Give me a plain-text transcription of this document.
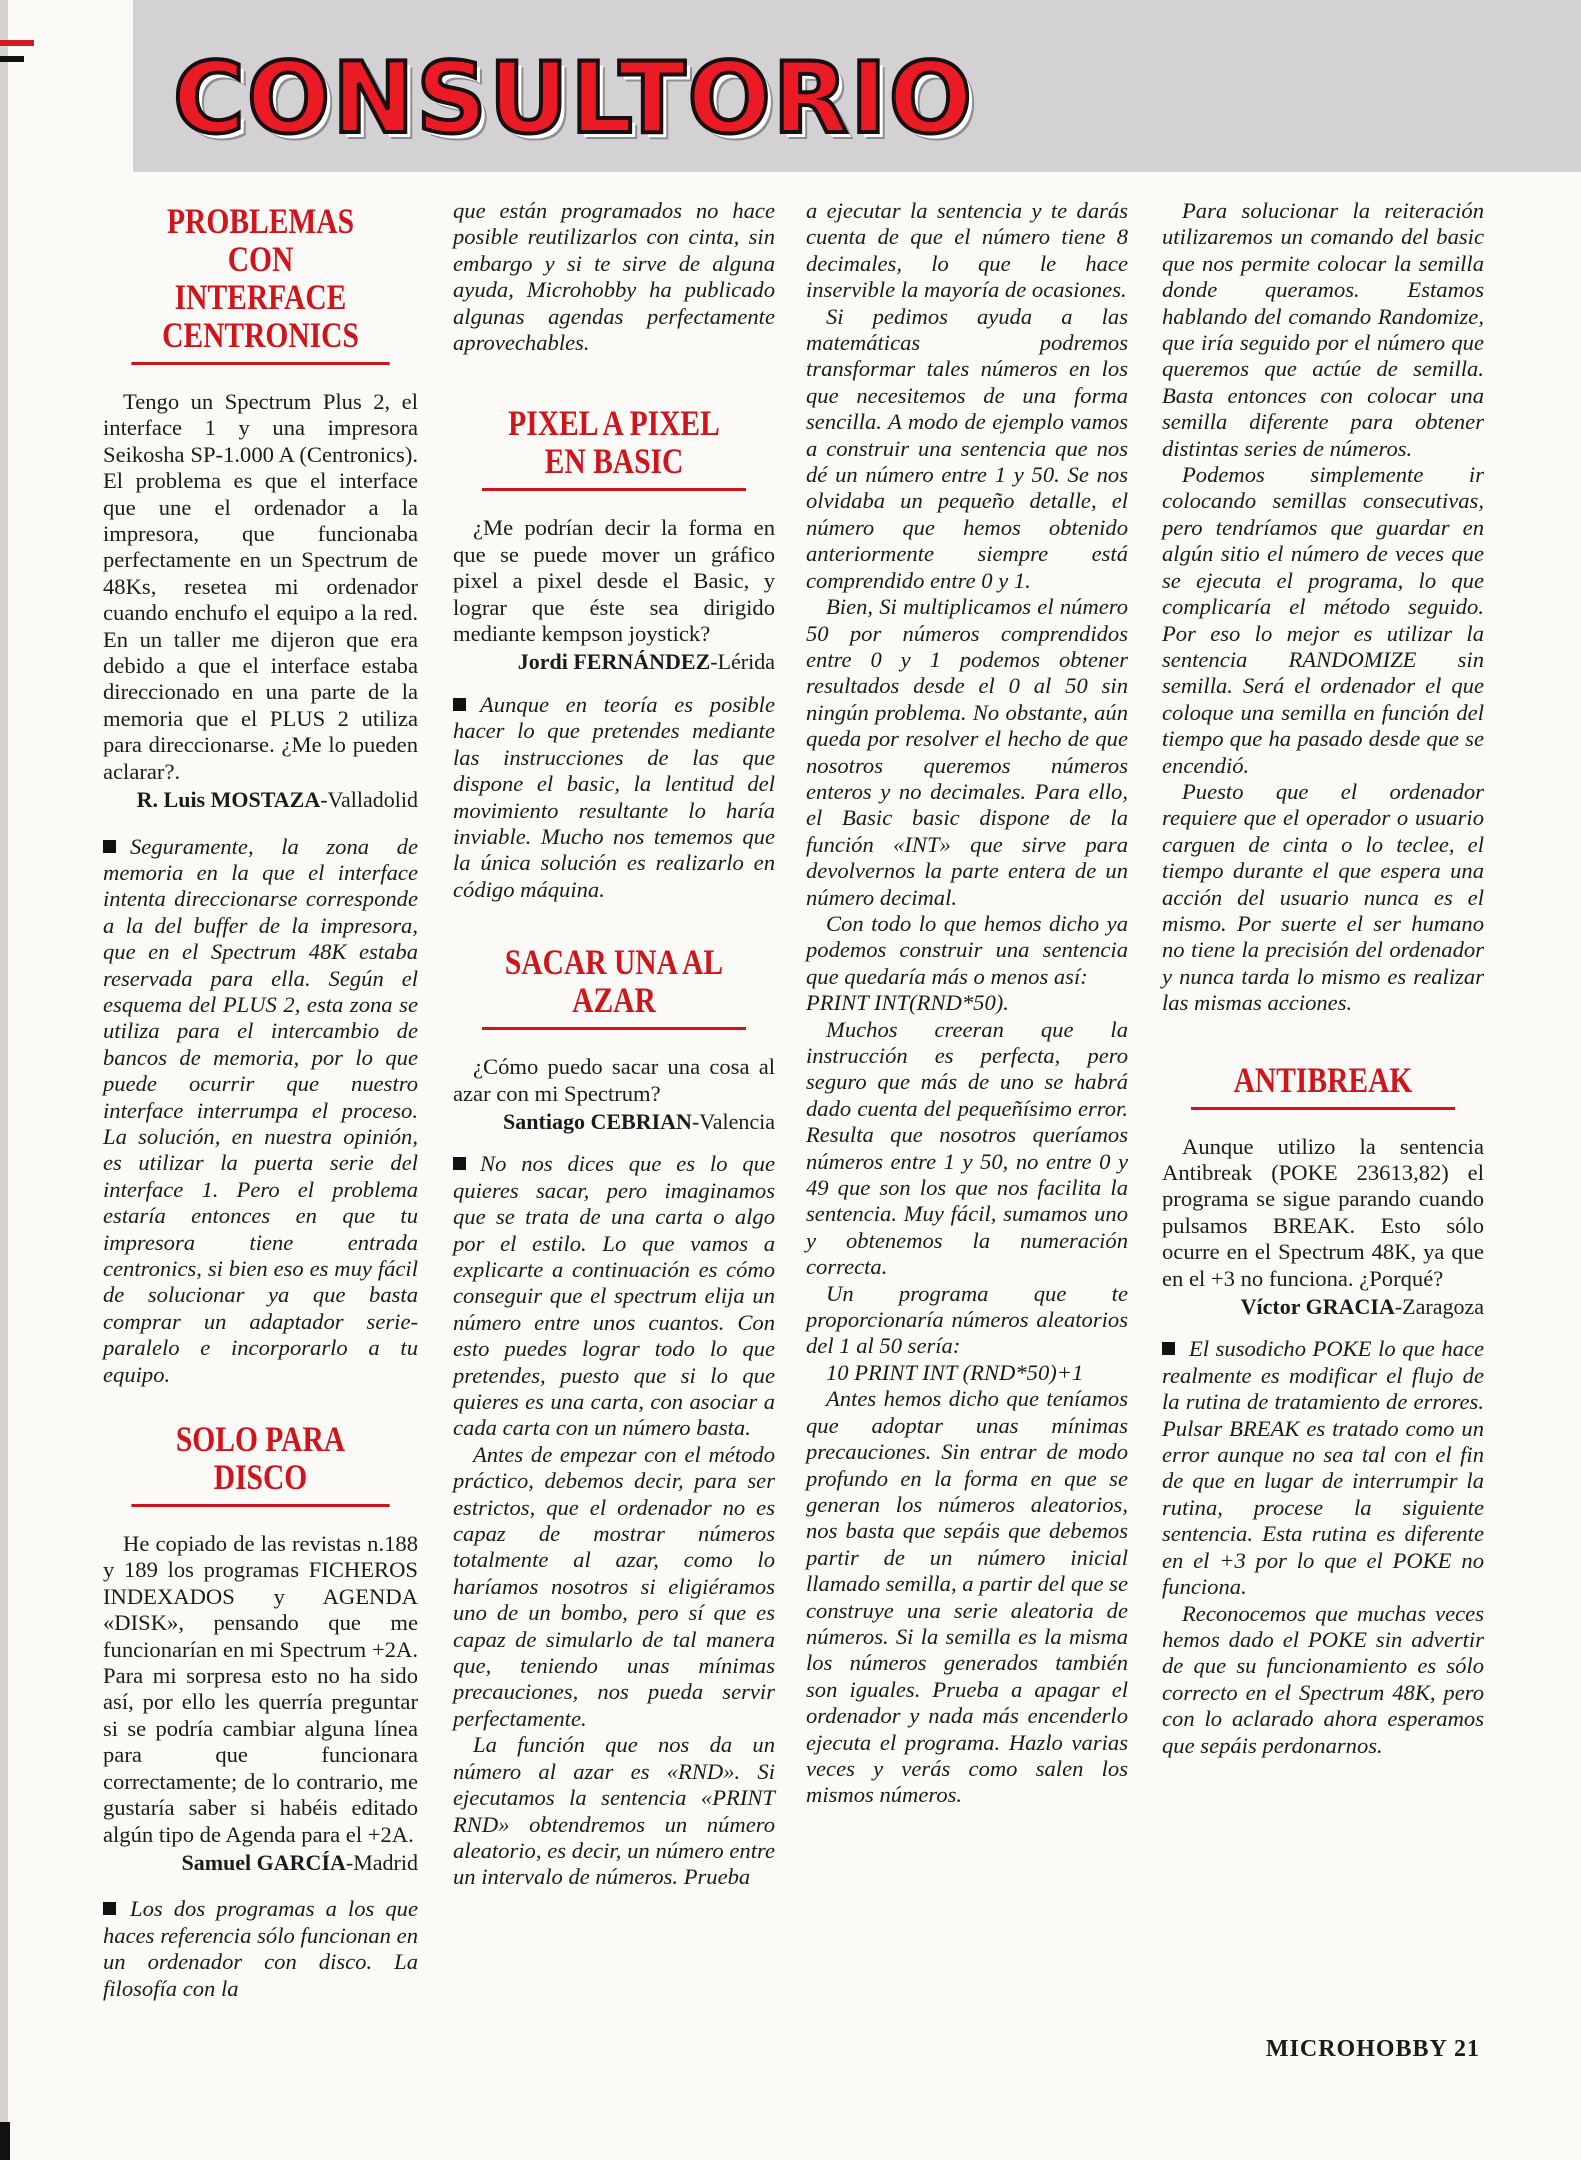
CONSULTORIO
PROBLEMAS CON
INTERFACE
CENTRONICS

Tengo un Spectrum Plus 2, el interface 1 y una impresora Seikosha SP-1.000 A (Centronics). El problema es que el interface que une el ordenador a la impresora, que funcionaba perfectamente en un Spectrum de 48Ks, resetea mi ordenador cuando enchufo el equipo a la red. En un taller me dijeron que era debido a que el interface estaba direccionado en una parte de la memoria que el PLUS 2 utiliza para direccionarse. ¿Me lo pueden aclarar?.

R. Luis MOSTAZA-Valladolid

Seguramente, la zona de memoria en la que el interface intenta direccionarse corresponde a la del buffer de la impresora, que en el Spectrum 48K estaba reservada para ella. Según el esquema del PLUS 2, esta zona se utiliza para el intercambio de bancos de memoria, por lo que puede ocurrir que nuestro interface interrumpa el proceso. La solución, en nuestra opinión, es utilizar la puerta serie del interface 1. Pero el problema estaría entonces en que tu impresora tiene entrada centronics, si bien eso es muy fácil de solucionar ya que basta comprar un adaptador serie-paralelo e incorporarlo a tu equipo.

SOLO PARA DISCO

He copiado de las revistas n.188 y 189 los programas FICHEROS INDEXADOS y AGENDA «DISK», pensando que me funcionarían en mi Spectrum +2A. Para mi sorpresa esto no ha sido así, por ello les querría preguntar si se podría cambiar alguna línea para que funcionara correctamente; de lo contrario, me gustaría saber si habéis editado algún tipo de Agenda para el +2A.

Samuel GARCÍA-Madrid

Los dos programas a los que haces referencia sólo funcionan en un ordenador con disco. La filosofía con la

que están programados no hace posible reutilizarlos con cinta, sin embargo y si te sirve de alguna ayuda, Microhobby ha publicado algunas agendas perfectamente aprovechables.

PIXEL A PIXEL
EN BASIC

¿Me podrían decir la forma en que se puede mover un gráfico pixel a pixel desde el Basic, y lograr que éste sea dirigido mediante kempson joystick?

Jordi FERNÁNDEZ-Lérida

Aunque en teoría es posible hacer lo que pretendes mediante las instrucciones de las que dispone el basic, la lentitud del movimiento resultante lo haría inviable. Mucho nos tememos que la única solución es realizarlo en código máquina.

SACAR UNA AL AZAR

¿Cómo puedo sacar una cosa al azar con mi Spectrum?

Santiago CEBRIAN-Valencia

No nos dices que es lo que quieres sacar, pero imaginamos que se trata de una carta o algo por el estilo. Lo que vamos a explicarte a continuación es cómo conseguir que el spectrum elija un número entre unos cuantos. Con esto puedes lograr todo lo que pretendes, puesto que si lo que quieres es una carta, con asociar a cada carta con un número basta.

Antes de empezar con el método práctico, debemos decir, para ser estrictos, que el ordenador no es capaz de mostrar números totalmente al azar, como lo haríamos nosotros si eligiéramos uno de un bombo, pero sí que es capaz de simularlo de tal manera que, teniendo unas mínimas precauciones, nos pueda servir perfectamente.

La función que nos da un número al azar es «RND». Si ejecutamos la sentencia «PRINT RND» obtendremos un número aleatorio, es decir, un número entre un intervalo de números. Prueba

a ejecutar la sentencia y te darás cuenta de que el número tiene 8 decimales, lo que le hace inservible la mayoría de ocasiones.

Si pedimos ayuda a las matemáticas podremos transformar tales números en los que necesitemos de una forma sencilla. A modo de ejemplo vamos a construir una sentencia que nos dé un número entre 1 y 50. Se nos olvidaba un pequeño detalle, el número que hemos obtenido anteriormente siempre está comprendido entre 0 y 1.

Bien, Si multiplicamos el número 50 por números comprendidos entre 0 y 1 podemos obtener resultados desde el 0 al 50 sin ningún problema. No obstante, aún queda por resolver el hecho de que nosotros queremos números enteros y no decimales. Para ello, el Basic basic dispone de la función «INT» que sirve para devolvernos la parte entera de un número decimal.

Con todo lo que hemos dicho ya podemos construir una sentencia que quedaría más o menos así:

PRINT INT(RND*50).

Muchos creeran que la instrucción es perfecta, pero seguro que más de uno se habrá dado cuenta del pequeñísimo error. Resulta que nosotros queríamos números entre 1 y 50, no entre 0 y 49 que son los que nos facilita la sentencia. Muy fácil, sumamos uno y obtenemos la numeración correcta.

Un programa que te proporcionaría números aleatorios del 1 al 50 sería:

10 PRINT INT (RND*50)+1

Antes hemos dicho que teníamos que adoptar unas mínimas precauciones. Sin entrar de modo profundo en la forma en que se generan los números aleatorios, nos basta que sepáis que debemos partir de un número inicial llamado semilla, a partir del que se construye una serie aleatoria de números. Si la semilla es la misma los números generados también son iguales. Prueba a apagar el ordenador y nada más encenderlo ejecuta el programa. Hazlo varias veces y verás como salen los mismos números.

Para solucionar la reiteración utilizaremos un comando del basic que nos permite colocar la semilla donde queramos. Estamos hablando del comando Randomize, que iría seguido por el número que queremos que actúe de semilla. Basta entonces con colocar una semilla diferente para obtener distintas series de números.

Podemos simplemente ir colocando semillas consecutivas, pero tendríamos que guardar en algún sitio el número de veces que se ejecuta el programa, lo que complicaría el método seguido. Por eso lo mejor es utilizar la sentencia RANDOMIZE sin semilla. Será el ordenador el que coloque una semilla en función del tiempo que ha pasado desde que se encendió.

Puesto que el ordenador requiere que el operador o usuario carguen de cinta o lo teclee, el tiempo durante el que espera una acción del usuario nunca es el mismo. Por suerte el ser humano no tiene la precisión del ordenador y nunca tarda lo mismo es realizar las mismas acciones.

ANTIBREAK

Aunque utilizo la sentencia Antibreak (POKE 23613,82) el programa se sigue parando cuando pulsamos BREAK. Esto sólo ocurre en el Spectrum 48K, ya que en el +3 no funciona. ¿Porqué?

Víctor GRACIA-Zaragoza

El susodicho POKE lo que hace realmente es modificar el flujo de la rutina de tratamiento de errores. Pulsar BREAK es tratado como un error aunque no sea tal con el fin de que en lugar de interrumpir la rutina, procese la siguiente sentencia. Esta rutina es diferente en el +3 por lo que el POKE no funciona.

Reconocemos que muchas veces hemos dado el POKE sin advertir de que su funcionamiento es sólo correcto en el Spectrum 48K, pero con lo aclarado ahora esperamos que sepáis perdonarnos.

MICROHOBBY 21
